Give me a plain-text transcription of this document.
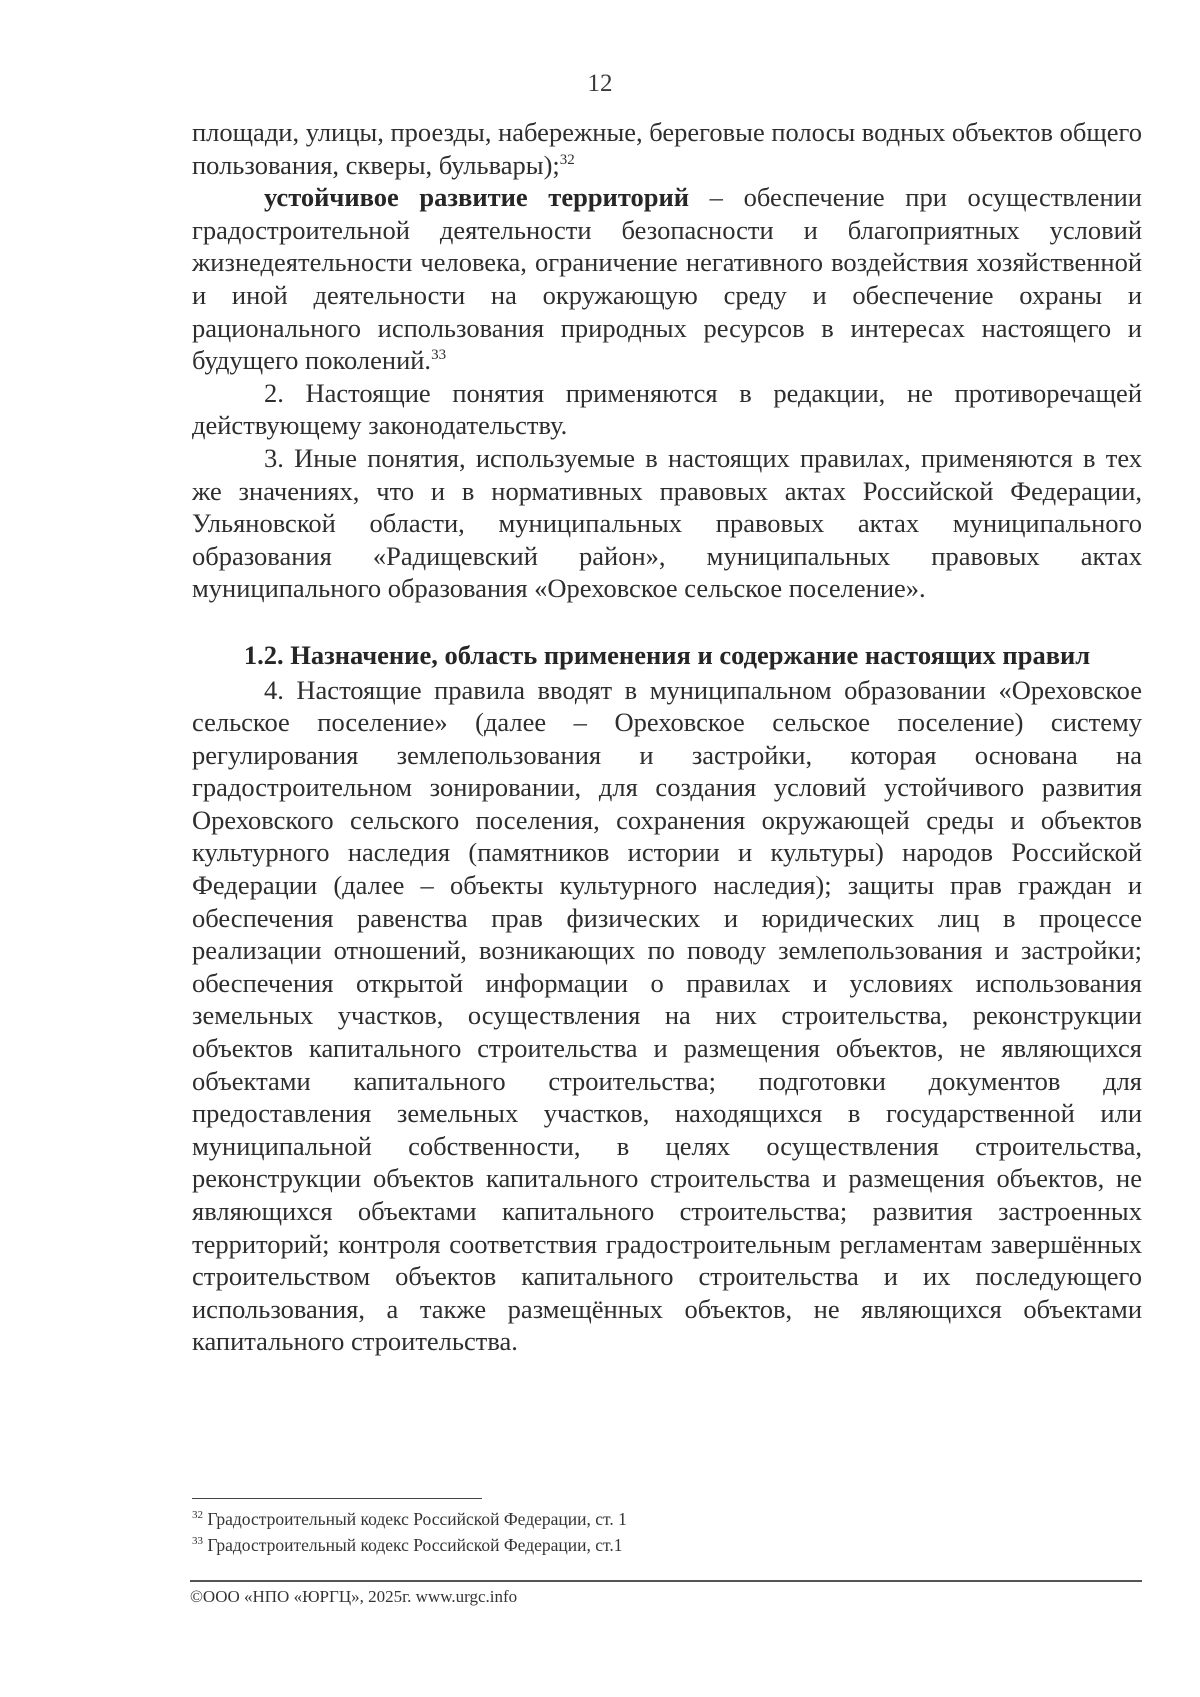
12

площади, улицы, проезды, набережные, береговые полосы водных объектов общего пользования, скверы, бульвары);$^{32}$

устойчивое развитие территорий – обеспечение при осуществлении градостроительной деятельности безопасности и благоприятных условий жизнедеятельности человека, ограничение негативного воздействия хозяйственной и иной деятельности на окружающую среду и обеспечение охраны и рационального использования природных ресурсов в интересах настоящего и будущего поколений.$^{33}$

2. Настоящие понятия применяются в редакции, не противоречащей действующему законодательству.

3. Иные понятия, используемые в настоящих правилах, применяются в тех же значениях, что и в нормативных правовых актах Российской Федерации, Ульяновской области, муниципальных правовых актах муниципального образования «Радищевский район», муниципальных правовых актах муниципального образования «Ореховское сельское поселение».

1.2. Назначение, область применения и содержание настоящих правил

4. Настоящие правила вводят в муниципальном образовании «Ореховское сельское поселение» (далее – Ореховское сельское поселение) систему регулирования землепользования и застройки, которая основана на градостроительном зонировании, для создания условий устойчивого развития Ореховского сельского поселения, сохранения окружающей среды и объектов культурного наследия (памятников истории и культуры) народов Российской Федерации (далее – объекты культурного наследия); защиты прав граждан и обеспечения равенства прав физических и юридических лиц в процессе реализации отношений, возникающих по поводу землепользования и застройки; обеспечения открытой информации о правилах и условиях использования земельных участков, осуществления на них строительства, реконструкции объектов капитального строительства и размещения объектов, не являющихся объектами капитального строительства; подготовки документов для предоставления земельных участков, находящихся в государственной или муниципальной собственности, в целях осуществления строительства, реконструкции объектов капитального строительства и размещения объектов, не являющихся объектами капитального строительства; развития застроенных территорий; контроля соответствия градостроительным регламентам завершённых строительством объектов капитального строительства и их последующего использования, а также размещённых объектов, не являющихся объектами капитального строительства.

$^{32}$ Градостроительный кодекс Российской Федерации, ст. 1

$^{33}$ Градостроительный кодекс Российской Федерации, ст.1

©ООО «НПО «ЮРГЦ», 2025г. www.urgc.info
